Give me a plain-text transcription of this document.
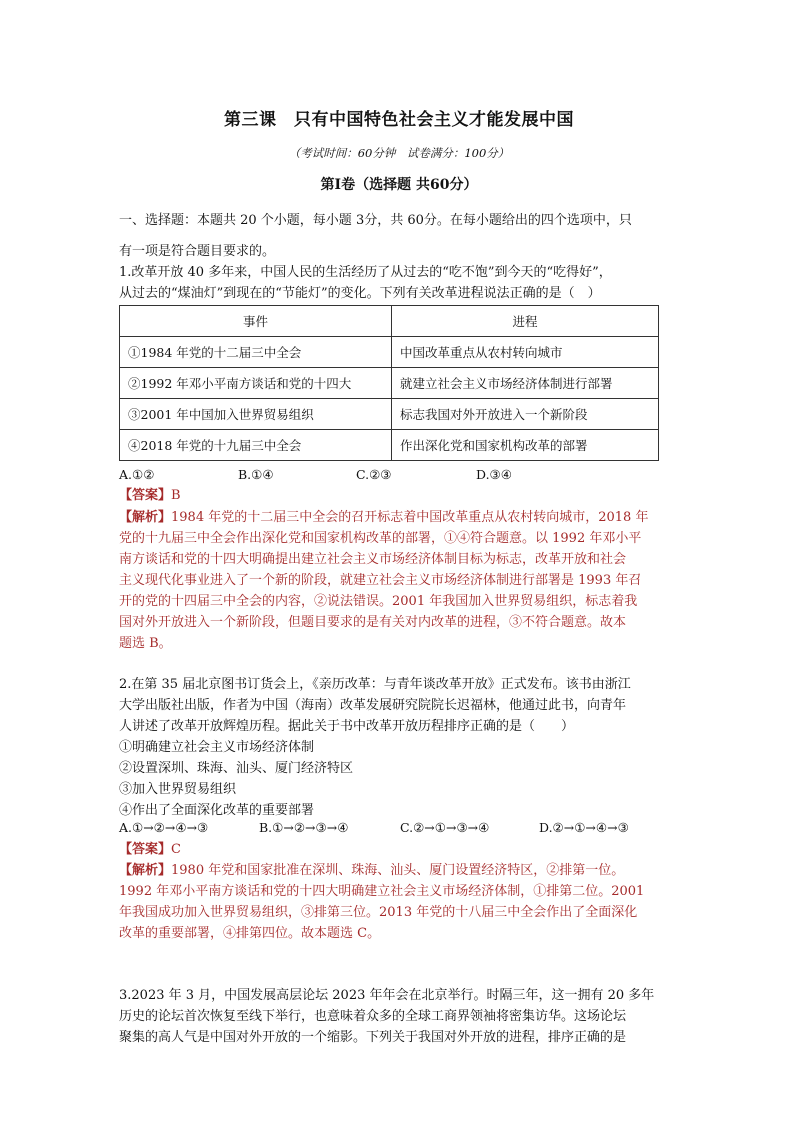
第三课　只有中国特色社会主义才能发展中国
（考试时间：60分钟　试卷满分：100分）
第Ⅰ卷（选择题 共60分）
一、选择题：本题共 20 个小题，每小题 3分，共 60分。在每小题给出的四个选项中，只
有一项是符合题目要求的。
1.改革开放 40 多年来，中国人民的生活经历了从过去的“吃不饱”到今天的“吃得好”，
从过去的“煤油灯”到现在的“节能灯”的变化。下列有关改革进程说法正确的是（　）
事件	进程
①1984 年党的十二届三中全会	中国改革重点从农村转向城市
②1992 年邓小平南方谈话和党的十四大	就建立社会主义市场经济体制进行部署
③2001 年中国加入世界贸易组织	标志我国对外开放进入一个新阶段
④2018 年党的十九届三中全会	作出深化党和国家机构改革的部署
A.①②	B.①④	C.②③	D.③④
【答案】B
【解析】1984 年党的十二届三中全会的召开标志着中国改革重点从农村转向城市，2018 年
党的十九届三中全会作出深化党和国家机构改革的部署，①④符合题意。以 1992 年邓小平
南方谈话和党的十四大明确提出建立社会主义市场经济体制目标为标志，改革开放和社会
主义现代化事业进入了一个新的阶段，就建立社会主义市场经济体制进行部署是 1993 年召
开的党的十四届三中全会的内容，②说法错误。2001 年我国加入世界贸易组织，标志着我
国对外开放进入一个新阶段，但题目要求的是有关对内改革的进程，③不符合题意。故本
题选 B。
2.在第 35 届北京图书订货会上，《亲历改革：与青年谈改革开放》正式发布。该书由浙江
大学出版社出版，作者为中国（海南）改革发展研究院院长迟福林，他通过此书，向青年
人讲述了改革开放辉煌历程。据此关于书中改革开放历程排序正确的是（　　）
①明确建立社会主义市场经济体制
②设置深圳、珠海、汕头、厦门经济特区
③加入世界贸易组织
④作出了全面深化改革的重要部署
A.①→②→④→③	B.①→②→③→④	C.②→①→③→④	D.②→①→④→③
【答案】C
【解析】1980 年党和国家批准在深圳、珠海、汕头、厦门设置经济特区，②排第一位。
1992 年邓小平南方谈话和党的十四大明确建立社会主义市场经济体制，①排第二位。2001
年我国成功加入世界贸易组织，③排第三位。2013 年党的十八届三中全会作出了全面深化
改革的重要部署，④排第四位。故本题选 C。
3.2023 年 3 月，中国发展高层论坛 2023 年年会在北京举行。时隔三年，这一拥有 20 多年
历史的论坛首次恢复至线下举行，也意味着众多的全球工商界领袖将密集访华。这场论坛
聚集的高人气是中国对外开放的一个缩影。下列关于我国对外开放的进程，排序正确的是
